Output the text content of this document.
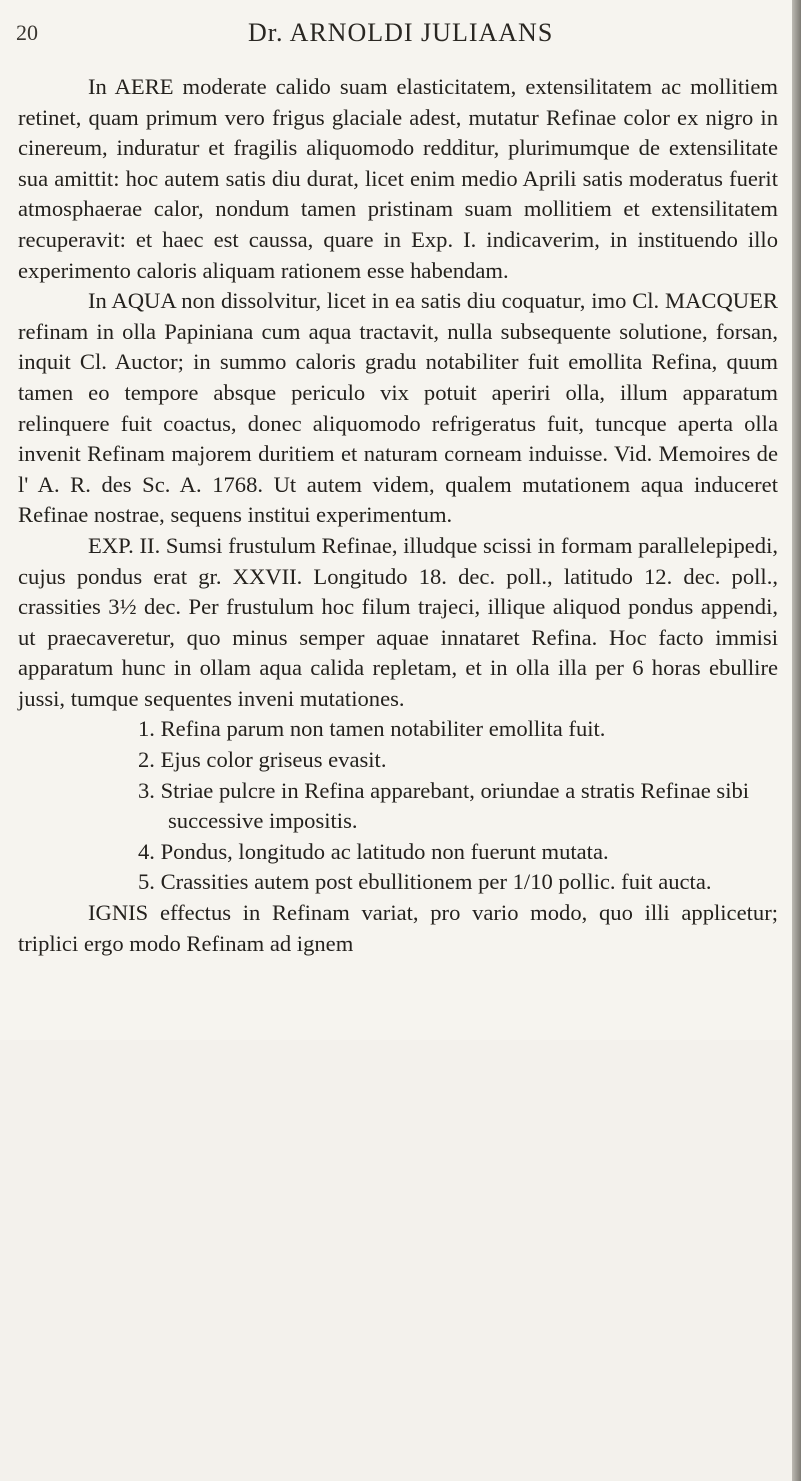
20	Dr. ARNOLDI JULIAANS

In AERE moderate calido suam elasticitatem, extensilitatem ac mollitiem retinet, quam primum vero frigus glaciale adest, mutatur Refinae color ex nigro in cinereum, induratur et fragilis aliquomodo redditur, plurimumque de extensilitate sua amittit: hoc autem satis diu durat, licet enim medio Aprili satis moderatus fuerit atmosphaerae calor, nondum tamen pristinam suam mollitiem et extensilitatem recuperavit: et haec est caussa, quare in Exp. I. indicaverim, in instituendo illo experimento caloris aliquam rationem esse habendam.

In AQUA non dissolvitur, licet in ea satis diu coquatur, imo Cl. MACQUER refinam in olla Papiniana cum aqua tractavit, nulla subsequente solutione, forsan, inquit Cl. Auctor; in summo caloris gradu notabiliter fuit emollita Refina, quum tamen eo tempore absque periculo vix potuit aperiri olla, illum apparatum relinquere fuit coactus, donec aliquomodo refrigeratus fuit, tuncque aperta olla invenit Refinam majorem duritiem et naturam corneam induisse. Vid. Memoires de l' A. R. des Sc. A. 1768. Ut autem videm, qualem mutationem aqua induceret Refinae nostrae, sequens institui experimentum.

EXP. II. Sumsi frustulum Refinae, illudque scissi in formam parallelepipedi, cujus pondus erat gr. XXVII. Longitudo 18. dec. poll., latitudo 12. dec. poll., crassities 3½ dec. Per frustulum hoc filum trajeci, illique aliquod pondus appendi, ut praecaveretur, quo minus semper aquae innataret Refina. Hoc facto immisi apparatum hunc in ollam aqua calida repletam, et in olla illa per 6 horas ebullire jussi, tumque sequentes inveni mutationes.

1. Refina parum non tamen notabiliter emollita fuit.
2. Ejus color griseus evasit.
3. Striae pulcre in Refina apparebant, oriundae a stratis Refinae sibi successive impositis.
4. Pondus, longitudo ac latitudo non fuerunt mutata.
5. Crassities autem post ebullitionem per 1/10 pollic. fuit aucta.

IGNIS effectus in Refinam variat, pro vario modo, quo illi applicetur; triplici ergo modo Refinam ad ignem
